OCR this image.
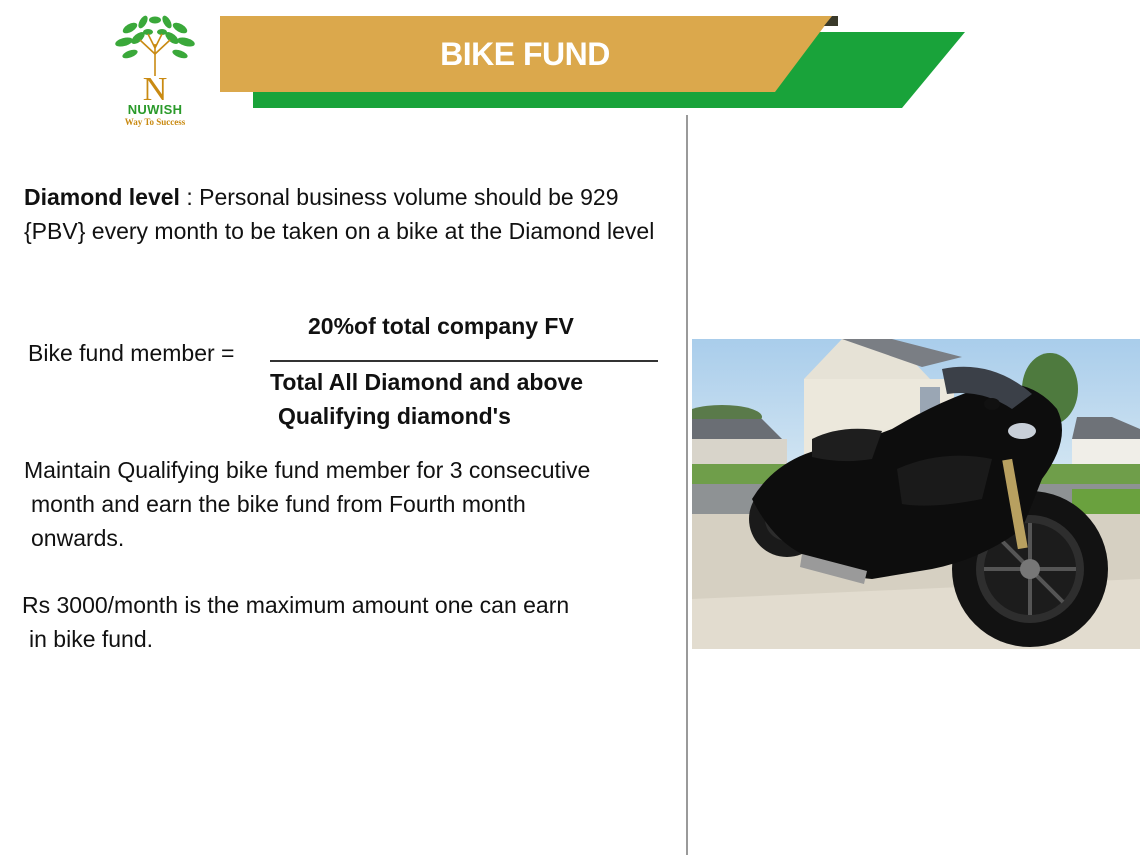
N
NUWISH
Way To Success
BIKE FUND

Diamond level : Personal business volume should be 929 {PBV} every month to be taken on a bike at the Diamond level

Bike fund member =
20%of total company FV
Total All Diamond and above
Qualifying diamond's

Maintain Qualifying bike fund member for 3 consecutive
month and earn the bike fund from Fourth month
onwards.

Rs 3000/month is the maximum amount one can earn
in bike fund.
